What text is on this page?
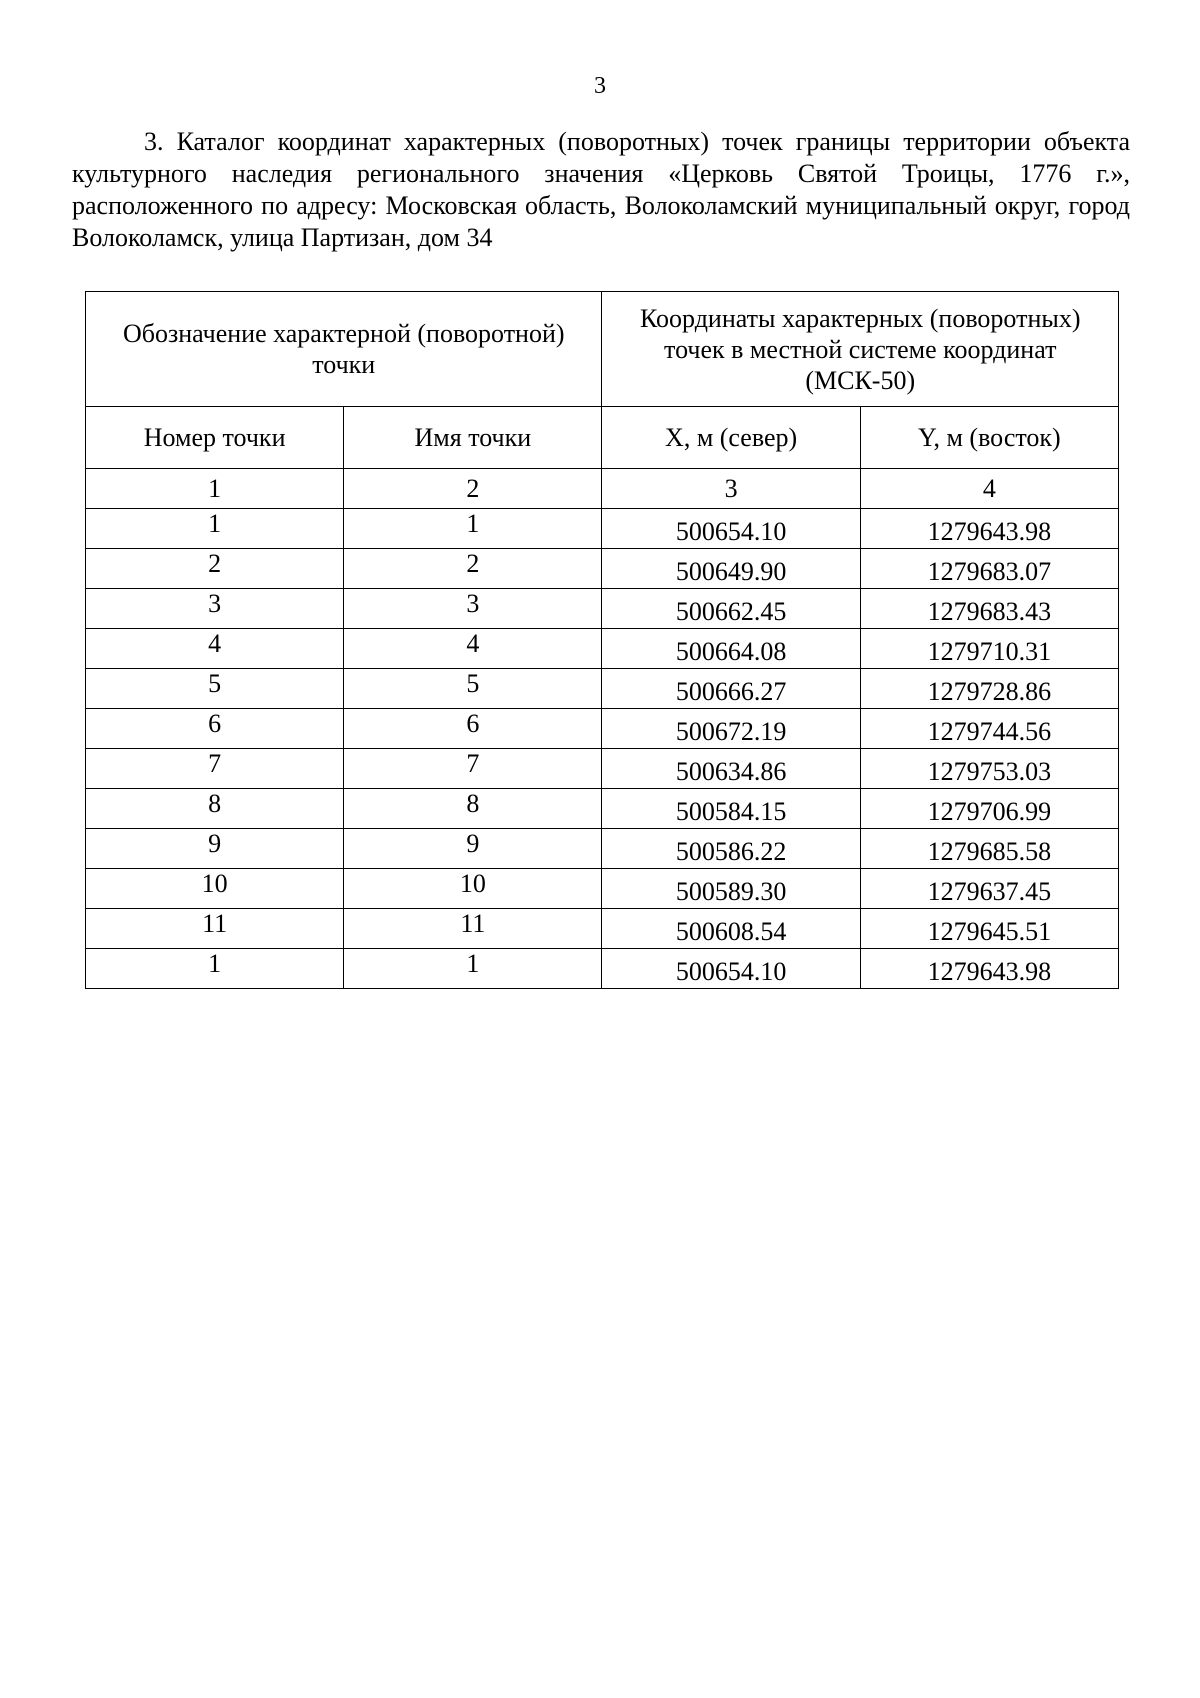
3

3. Каталог координат характерных (поворотных) точек границы территории объекта культурного наследия регионального значения «Церковь Святой Троицы, 1776 г.», расположенного по адресу: Московская область, Волоколамский муниципальный округ, город Волоколамск, улица Партизан, дом 34

Обозначение характерной (поворотной) точки		Координаты характерных (поворотных) точек в местной системе координат (МСК-50)	
Номер точки	Имя точки	X, м (север)	Y, м (восток)
1	2	3	4
1	1	500654.10	1279643.98
2	2	500649.90	1279683.07
3	3	500662.45	1279683.43
4	4	500664.08	1279710.31
5	5	500666.27	1279728.86
6	6	500672.19	1279744.56
7	7	500634.86	1279753.03
8	8	500584.15	1279706.99
9	9	500586.22	1279685.58
10	10	500589.30	1279637.45
11	11	500608.54	1279645.51
1	1	500654.10	1279643.98
